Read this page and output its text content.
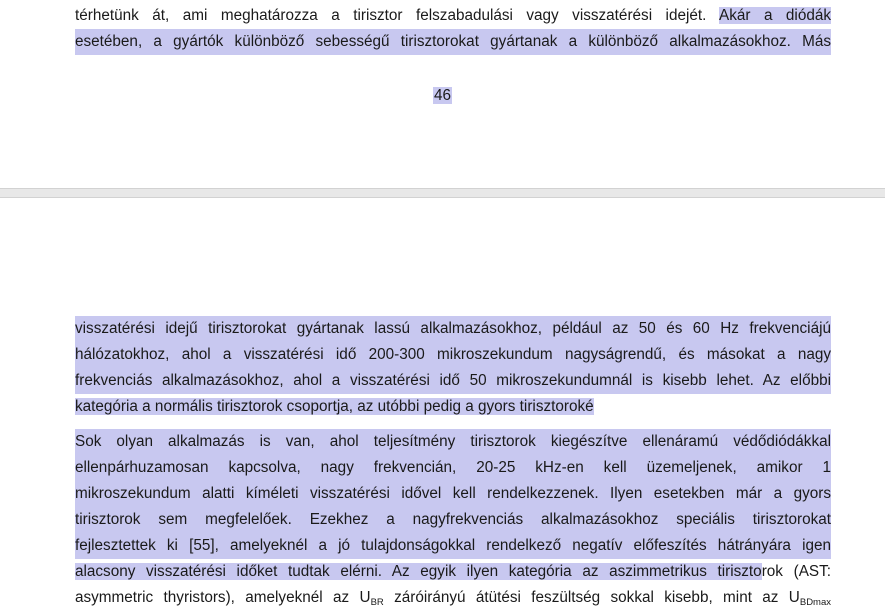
térhetünk át, ami meghatározza a tirisztor felszabadulási vagy visszatérési idejét. Akár a diódák
esetében, a gyártók különböző sebességű tirisztorokat gyártanak a különböző alkalmazásokhoz. Más
46
visszatérési idejű tirisztorokat gyártanak lassú alkalmazásokhoz, például az 50 és 60 Hz frekvenciájú
hálózatokhoz, ahol a visszatérési idő 200-300 mikroszekundum nagyságrendű, és másokat a nagy
frekvenciás alkalmazásokhoz, ahol a visszatérési idő 50 mikroszekundumnál is kisebb lehet. Az előbbi
kategória a normális tirisztorok csoportja, az utóbbi pedig a gyors tirisztoroké
Sok olyan alkalmazás is van, ahol teljesítmény tirisztorok kiegészítve ellenáramú védődiódákkal
ellenpárhuzamosan kapcsolva, nagy frekvencián, 20-25 kHz-en kell üzemeljenek, amikor 1
mikroszekundum alatti kíméleti visszatérési idővel kell rendelkezzenek. Ilyen esetekben már a gyors
tirisztorok sem megfelelőek. Ezekhez a nagyfrekvenciás alkalmazásokhoz speciális tirisztorokat
fejlesztettek ki [55], amelyeknél a jó tulajdonságokkal rendelkező negatív előfeszítés hátrányára igen
alacsony visszatérési időket tudtak elérni. Az egyik ilyen kategória az aszimmetrikus tirisztorok (AST:
asymmetric thyristors), amelyeknél az $U_{BR}$ záróirányú átütési feszültség sokkal kisebb, mint az $U_{BDmax}$
